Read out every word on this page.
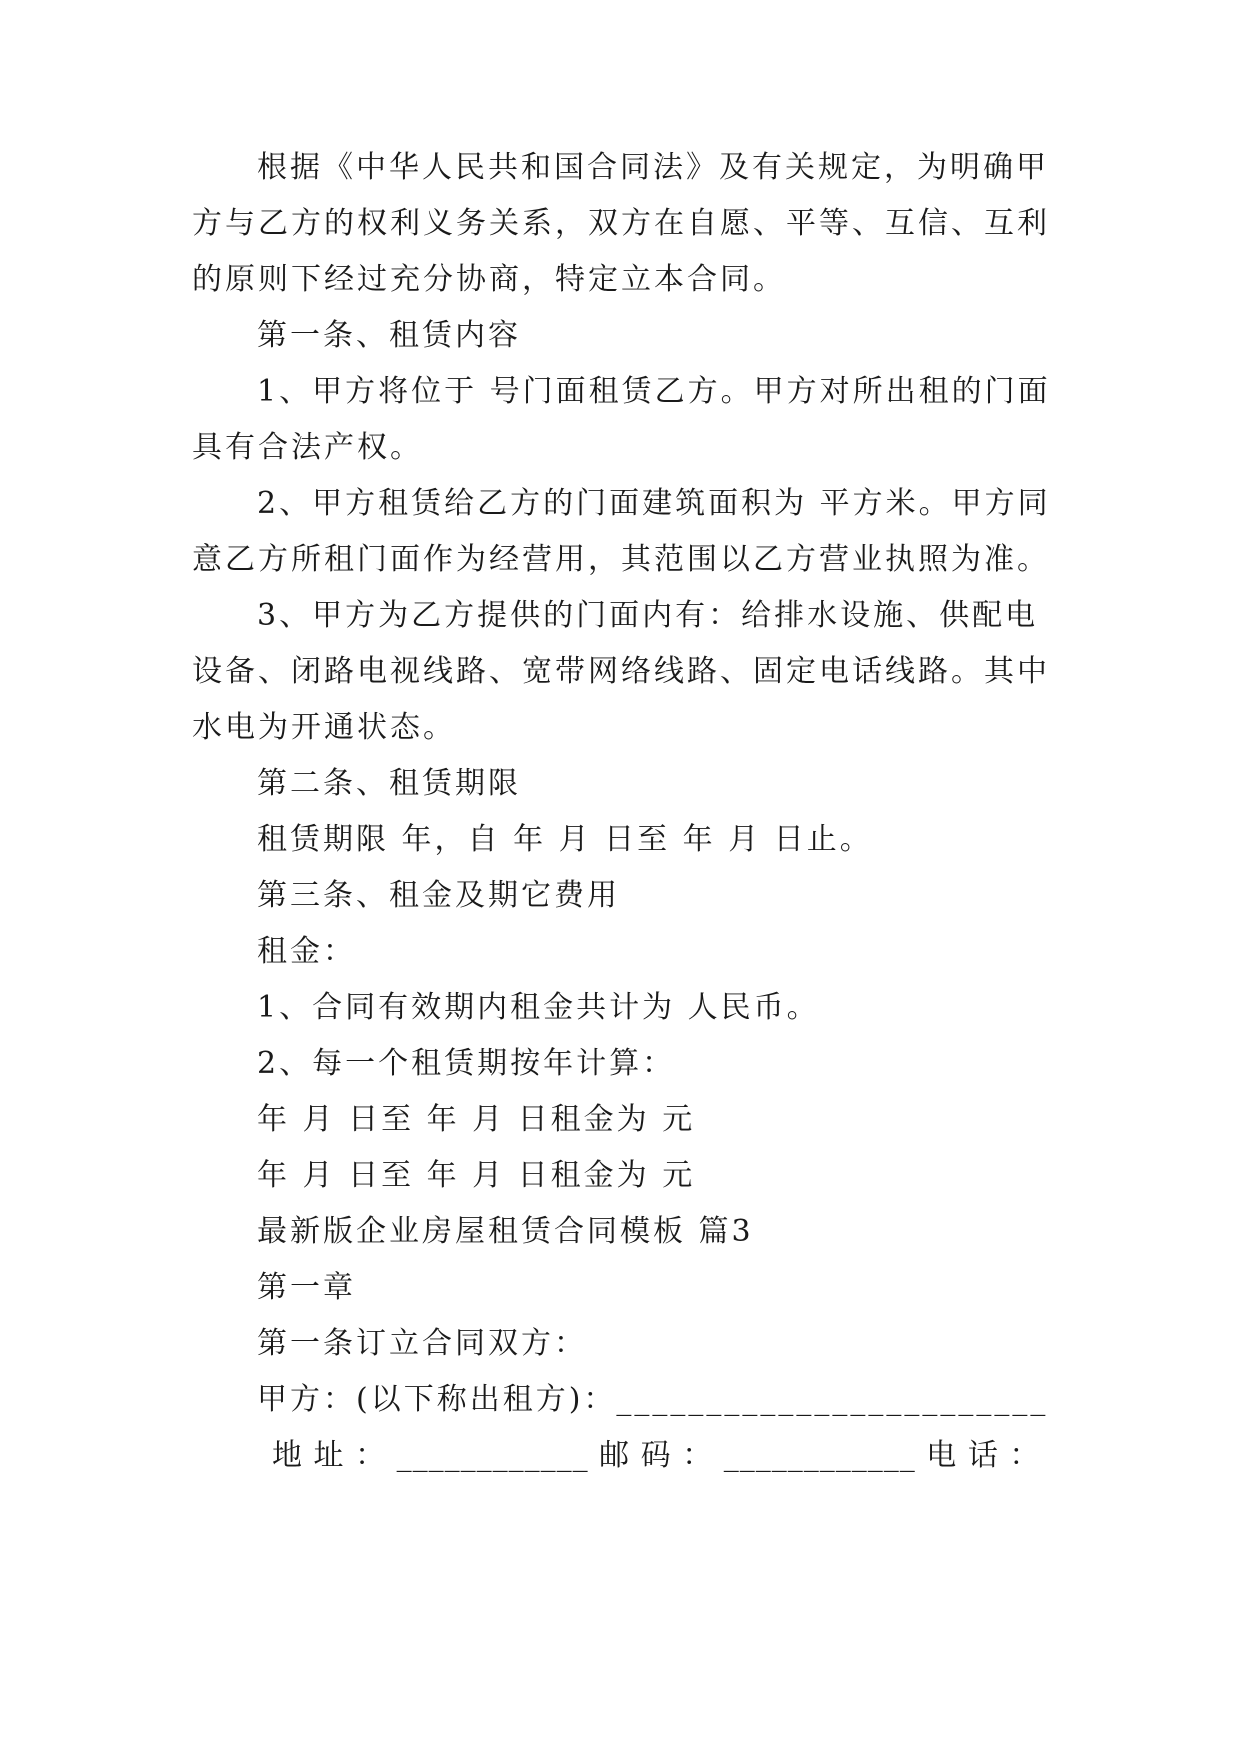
根据《中华人民共和国合同法》及有关规定，为明确甲
方与乙方的权利义务关系，双方在自愿、平等、互信、互利
的原则下经过充分协商，特定立本合同。
第一条、租赁内容
1、甲方将位于 号门面租赁乙方。甲方对所出租的门面
具有合法产权。
2、甲方租赁给乙方的门面建筑面积为 平方米。甲方同
意乙方所租门面作为经营用，其范围以乙方营业执照为准。
3、甲方为乙方提供的门面内有：给排水设施、供配电
设备、闭路电视线路、宽带网络线路、固定电话线路。其中
水电为开通状态。
第二条、租赁期限
租赁期限 年，自 年 月 日至 年 月 日止。
第三条、租金及期它费用
租金：
1、合同有效期内租金共计为 人民币。
2、每一个租赁期按年计算：
年 月 日至 年 月 日租金为 元
年 月 日至 年 月 日租金为 元
最新版企业房屋租赁合同模板 篇3
第一章
第一条订立合同双方：
甲方：(以下称出租方)：________________________
地 址 ： ____________ 邮 码 ： ____________ 电 话 ：
